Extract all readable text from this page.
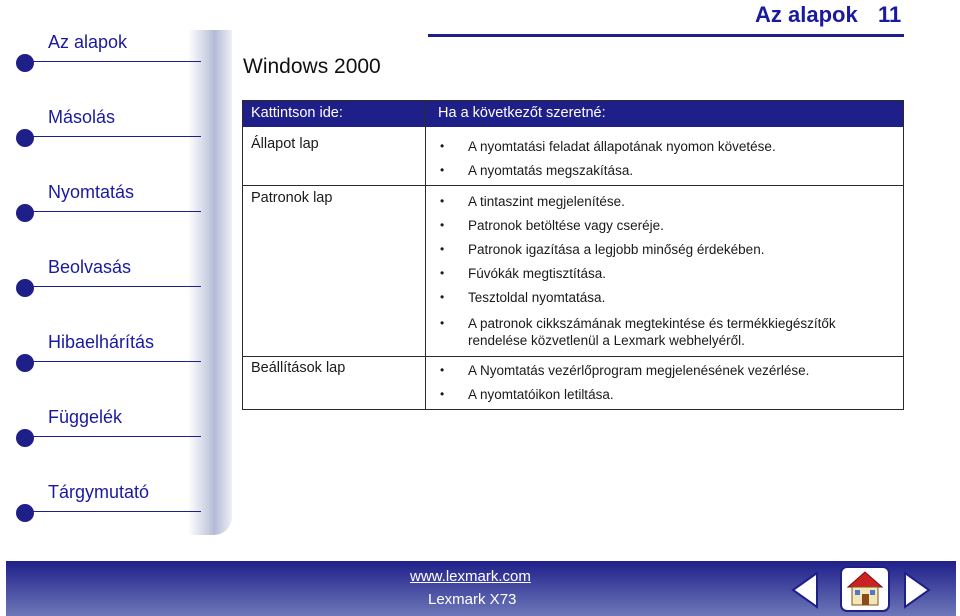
Az alapok 11
Az alapok
Másolás
Nyomtatás
Beolvasás
Hibaelhárítás
Függelék
Tárgymutató
Windows 2000
Kattintson ide:	Ha a következőt szeretné:
Állapot lap	• A nyomtatási feladat állapotának nyomon követése.
• A nyomtatás megszakítása.
Patronok lap	• A tintaszint megjelenítése.
• Patronok betöltése vagy cseréje.
• Patronok igazítása a legjobb minőség érdekében.
• Fúvókák megtisztítása.
• Tesztoldal nyomtatása.
• A patronok cikkszámának megtekintése és termékkiegészítők rendelése közvetlenül a Lexmark webhelyéről.
Beállítások lap	• A Nyomtatás vezérlőprogram megjelenésének vezérlése.
• A nyomtatóikon letiltása.
www.lexmark.com
Lexmark X73
